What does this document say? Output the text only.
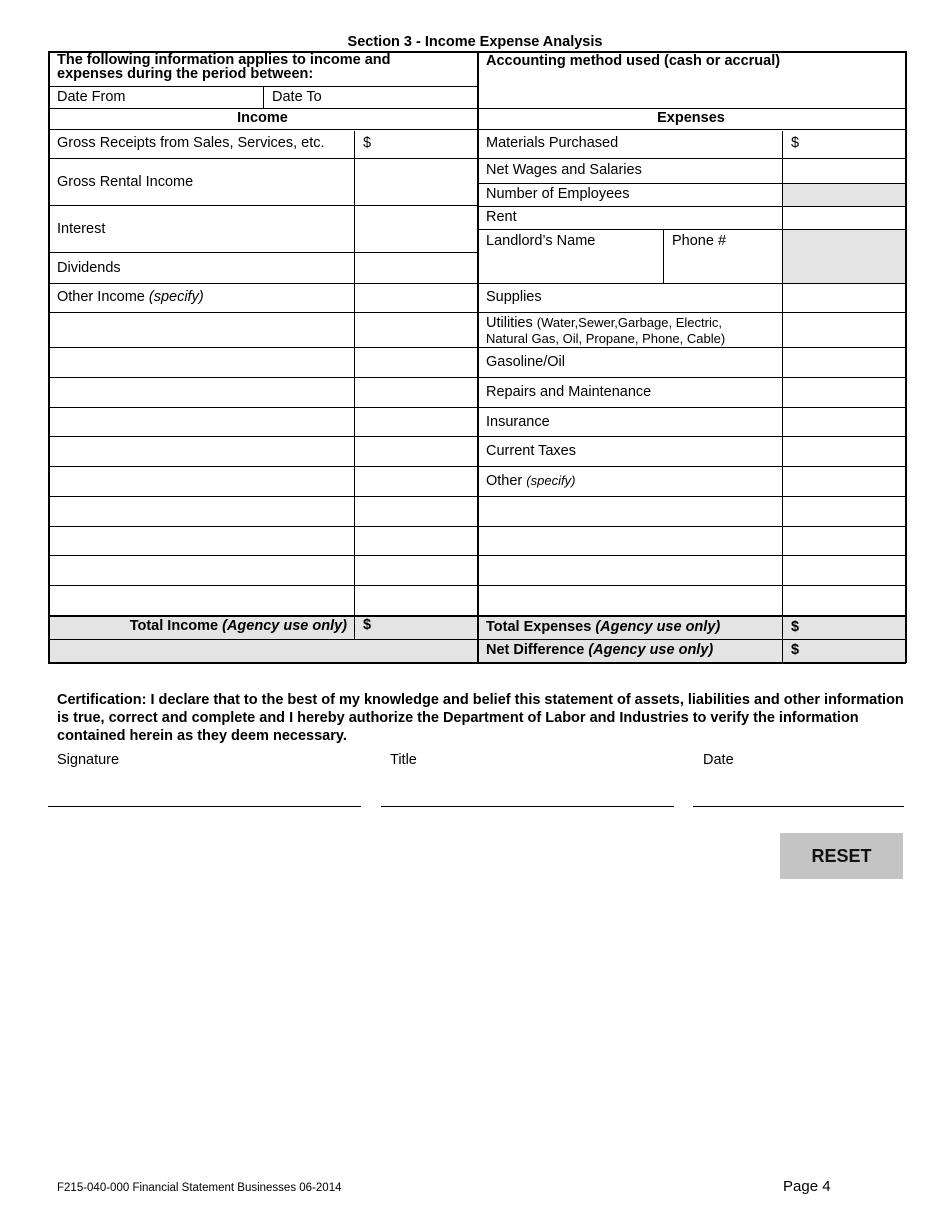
Section 3 - Income Expense Analysis
The following information applies to income and expenses during the period between:
Date From	Date To
Accounting method used (cash or accrual)
Income
Gross Receipts from Sales, Services, etc.	$
Gross Rental Income
Interest
Dividends
Other Income (specify)
Total Income (Agency use only)	$
Expenses
Materials Purchased	$
Net Wages and Salaries
Number of Employees
Rent
Landlord’s Name	Phone #
Supplies
Utilities (Water,Sewer,Garbage, Electric,
Natural Gas, Oil, Propane, Phone, Cable)
Gasoline/Oil
Repairs and Maintenance
Insurance
Current Taxes
Other (specify)
Total Expenses (Agency use only)	$
Net Difference (Agency use only)	$
Certification: I declare that to the best of my knowledge and belief this statement of assets, liabilities and other information is true, correct and complete and I hereby authorize the Department of Labor and Industries to verify the information contained herein as they deem necessary.
Signature	Title	Date
RESET
F215-040-000 Financial Statement Businesses 06-2014	Page 4
